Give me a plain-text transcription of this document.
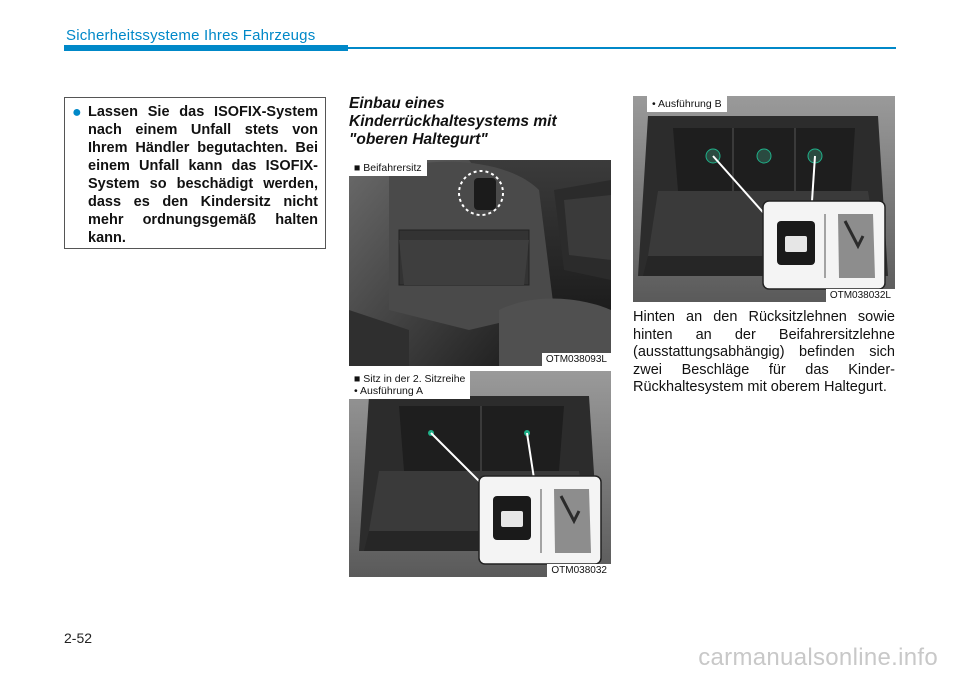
Sicherheitssysteme Ihres Fahrzeugs
● Lassen Sie das ISOFIX-System nach einem Unfall stets von Ihrem Händler begutachten. Bei einem Unfall kann das ISOFIX-System so beschädigt werden, dass es den Kindersitz nicht mehr ordnungsgemäß halten kann.
Einbau eines Kinderrückhaltesystems mit "oberen Haltegurt"
■ Beifahrersitz
OTM038093L
■ Sitz in der 2. Sitzreihe
• Ausführung A
OTM038032
• Ausführung B
OTM038032L
Hinten an den Rücksitzlehnen sowie hinten an der Beifahrersitzlehne (ausstattungsabhängig) befinden sich zwei Beschläge für das Kinder-Rückhaltesystem mit oberem Haltegurt.
2-52
carmanualsonline.info
